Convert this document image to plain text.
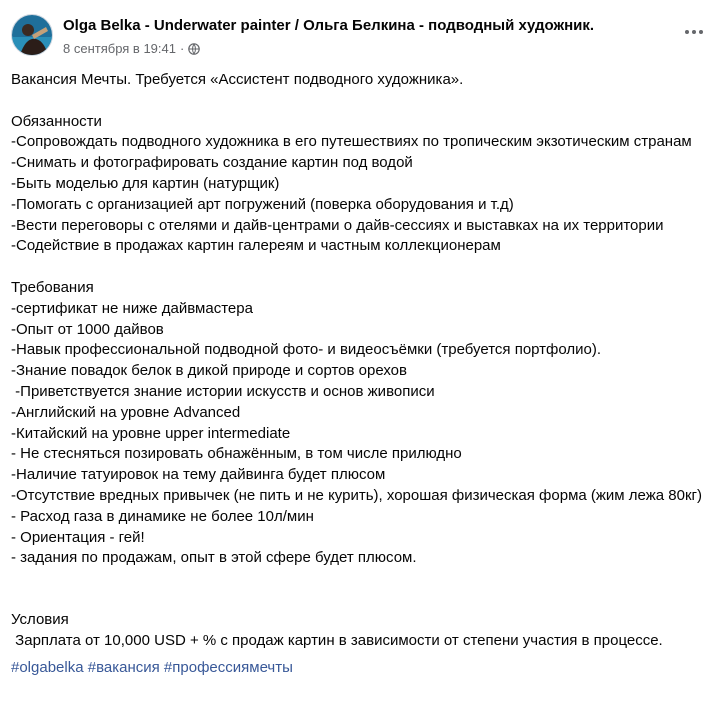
Olga Belka - Underwater painter / Ольга Белкина - подводный художник.
8 сентября в 19:41 ·

Вакансия Мечты. Требуется «Ассистент подводного художника».

Обязанности

-Сопровождать подводного художника в его путешествиях по тропическим экзотическим странам

-Снимать и фотографировать создание картин под водой

-Быть моделью для картин (натурщик)

-Помогать с организацией арт погружений (поверка оборудования и т.д)

-Вести переговоры с отелями и дайв-центрами о дайв-сессиях и выставках на их территории

-Содействие в продажах картин галереям и частным коллекционерам

Требования

-сертификат не ниже дайвмастера

-Опыт от 1000 дайвов

-Навык профессиональной подводной фото- и видеосъёмки (требуется портфолио).

-Знание повадок белок в дикой природе и сортов орехов

-Приветствуется знание истории искусств и основ живописи

-Английский на уровне Advanced

-Китайский на уровне upper intermediate

- Не стесняться позировать обнажённым, в том числе прилюдно

-Наличие татуировок на тему дайвинга будет плюсом

-Отсутствие вредных привычек (не пить и не курить), хорошая физическая форма (жим лежа 80кг)

- Расход газа в динамике не более 10л/мин

- Ориентация - гей!

- задания по продажам, опыт в этой сфере будет плюсом.

Условия

Зарплата от 10,000 USD + % с продаж картин в зависимости от степени участия в процессе.

#olgabelka #вакансия #профессиямечты
